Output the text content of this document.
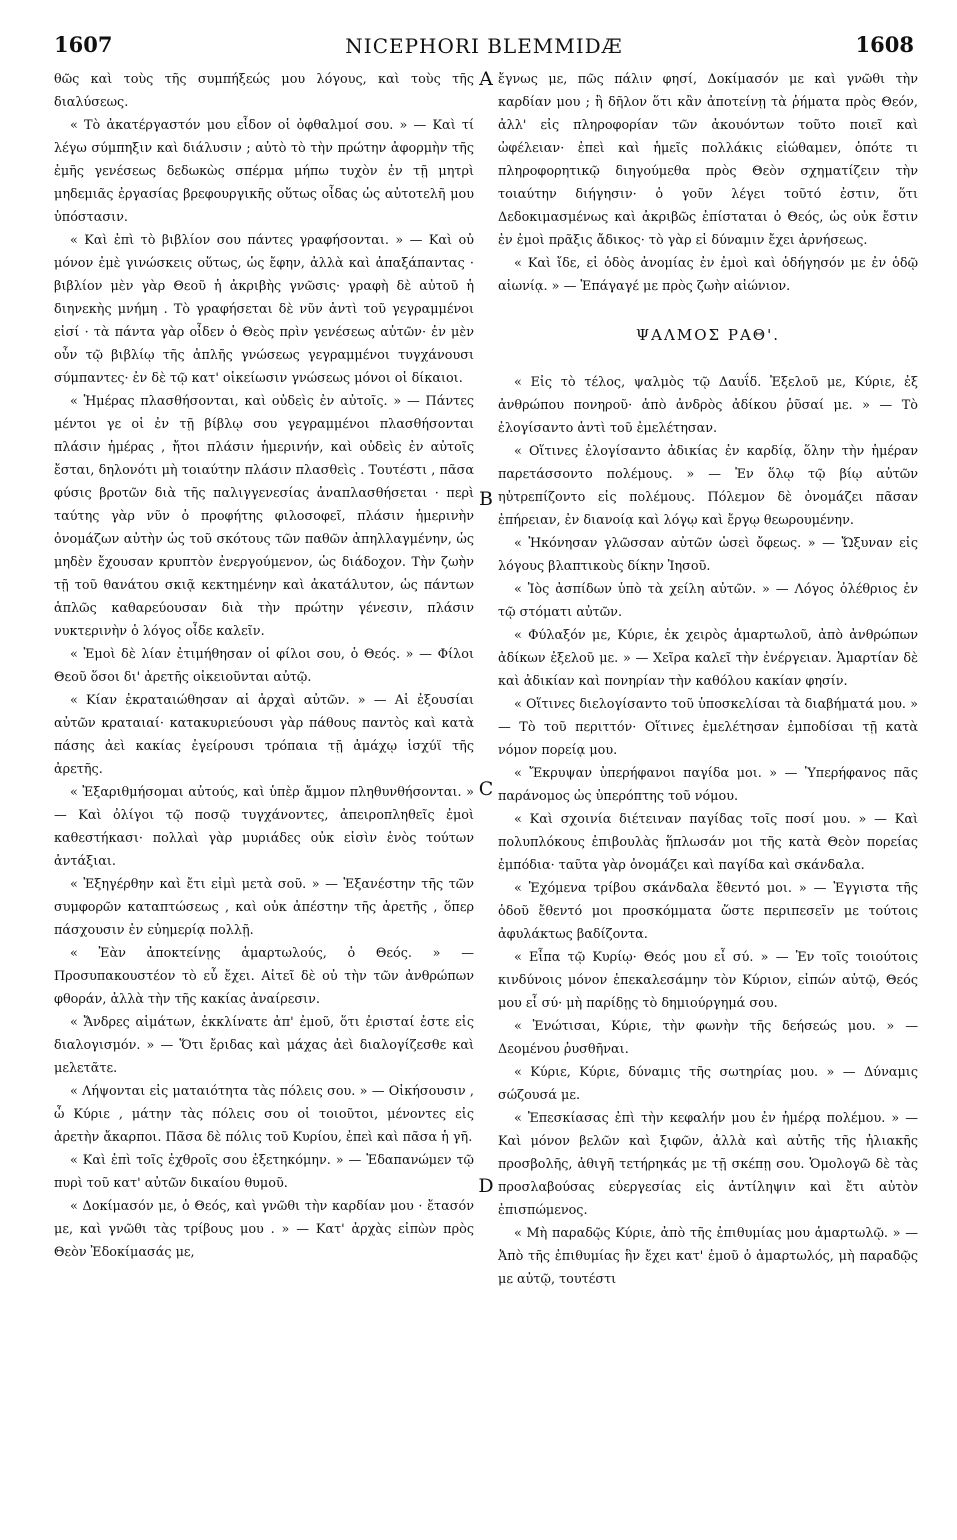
1607	NICEPHORI BLEMMIDÆ	1608

θῶς καὶ τοὺς τῆς συμπήξεώς μου λόγους, καὶ τοὺς τῆς διαλύσεως.

« Τὸ ἀκατέργαστόν μου εἶδον οἱ ὀφθαλμοί σου. » — Καὶ τί λέγω σύμπηξιν καὶ διάλυσιν ; αὐτὸ τὸ τὴν πρώτην ἀφορμὴν τῆς ἐμῆς γενέσεως δεδωκὼς σπέρμα μήπω τυχὸν ἐν τῇ μητρὶ μηδεμιᾶς ἐργασίας βρεφουργικῆς οὕτως οἶδας ὡς αὐτοτελῆ μου ὑπόστασιν.

« Καὶ ἐπὶ τὸ βιβλίον σου πάντες γραφήσονται. » — Καὶ οὐ μόνον ἐμὲ γινώσκεις οὕτως, ὡς ἔφην, ἀλλὰ καὶ ἀπαξάπαντας · βιβλίον μὲν γὰρ Θεοῦ ἡ ἀκριβὴς γνῶσις· γραφὴ δὲ αὐτοῦ ἡ διηνεκὴς μνήμη . Τὸ γραφήσεται δὲ νῦν ἀντὶ τοῦ γεγραμμένοι εἰσί · τὰ πάντα γὰρ οἶδεν ὁ Θεὸς πρὶν γενέσεως αὐτῶν· ἐν μὲν οὖν τῷ βιβλίῳ τῆς ἁπλῆς γνώσεως γεγραμμένοι τυγχάνουσι σύμπαντες· ἐν δὲ τῷ κατ' οἰκείωσιν γνώσεως μόνοι οἱ δίκαιοι.

« Ἡμέρας πλασθήσονται, καὶ οὐδεὶς ἐν αὐτοῖς. » — Πάντες μέντοι γε οἱ ἐν τῇ βίβλῳ σου γεγραμμένοι πλασθήσονται πλάσιν ἡμέρας , ἤτοι πλάσιν ἡμερινήν, καὶ οὐδεὶς ἐν αὐτοῖς ἔσται, δηλονότι μὴ τοιαύτην πλάσιν πλασθεὶς . Τουτέστι , πᾶσα φύσις βροτῶν διὰ τῆς παλιγγενεσίας ἀναπλασθήσεται · περὶ ταύτης γὰρ νῦν ὁ προφήτης φιλοσοφεῖ, πλάσιν ἡμερινὴν ὀνομάζων αὐτὴν ὡς τοῦ σκότους τῶν παθῶν ἀπηλλαγμένην, ὡς μηδὲν ἔχουσαν κρυπτὸν ἐνεργούμενον, ὡς διάδοχον. Τὴν ζωὴν τῇ τοῦ θανάτου σκιᾷ κεκτημένην καὶ ἀκατάλυτον, ὡς πάντων ἁπλῶς καθαρεύουσαν διὰ τὴν πρώτην γένεσιν, πλάσιν νυκτερινὴν ὁ λόγος οἶδε καλεῖν.

« Ἐμοὶ δὲ λίαν ἐτιμήθησαν οἱ φίλοι σου, ὁ Θεός. » — Φίλοι Θεοῦ ὅσοι δι' ἀρετῆς οἰκειοῦνται αὐτῷ.

« Κίαν ἐκραταιώθησαν αἱ ἀρχαὶ αὐτῶν. » — Αἱ ἐξουσίαι αὐτῶν κραταιαί· κατακυριεύουσι γὰρ πάθους παντὸς καὶ κατὰ πάσης ἀεὶ κακίας ἐγείρουσι τρόπαια τῇ ἀμάχῳ ἰσχύϊ τῆς ἀρετῆς.

« Ἐξαριθμήσομαι αὐτούς, καὶ ὑπὲρ ἄμμον πληθυνθήσονται. » — Καὶ ὀλίγοι τῷ ποσῷ τυγχάνοντες, ἀπειροπληθεῖς ἐμοὶ καθεστήκασι· πολλαὶ γὰρ μυριάδες οὐκ εἰσὶν ἑνὸς τούτων ἀντάξιαι.

« Ἐξηγέρθην καὶ ἔτι εἰμὶ μετὰ σοῦ. » — Ἐξανέστην τῆς τῶν συμφορῶν καταπτώσεως , καὶ οὐκ ἀπέστην τῆς ἀρετῆς , ὅπερ πάσχουσιν ἐν εὐημερίᾳ πολλῇ.

« Ἐὰν ἀποκτείνῃς ἁμαρτωλούς, ὁ Θεός. » — Προσυπακουστέον τὸ εὖ ἔχει. Αἰτεῖ δὲ οὐ τὴν τῶν ἀνθρώπων φθοράν, ἀλλὰ τὴν τῆς κακίας ἀναίρεσιν.

« Ἄνδρες αἱμάτων, ἐκκλίνατε ἀπ' ἐμοῦ, ὅτι ἐρισταί ἐστε εἰς διαλογισμόν. » — Ὅτι ἔριδας καὶ μάχας ἀεὶ διαλογίζεσθε καὶ μελετᾶτε.

« Λήψονται εἰς ματαιότητα τὰς πόλεις σου. » — Οἰκήσουσιν , ὦ Κύριε , μάτην τὰς πόλεις σου οἱ τοιοῦτοι, μένοντες εἰς ἀρετὴν ἄκαρποι. Πᾶσα δὲ πόλις τοῦ Κυρίου, ἐπεὶ καὶ πᾶσα ἡ γῆ.

« Καὶ ἐπὶ τοῖς ἐχθροῖς σου ἐξετηκόμην. » — Ἐδαπανώμεν τῷ πυρὶ τοῦ κατ' αὐτῶν δικαίου θυμοῦ.

« Δοκίμασόν με, ὁ Θεός, καὶ γνῶθι τὴν καρδίαν μου · ἔτασόν με, καὶ γνῶθι τὰς τρίβους μου . » — Κατ' ἀρχὰς εἰπὼν πρὸς Θεὸν Ἐδοκίμασάς με,

ἔγνως με, πῶς πάλιν φησί, Δοκίμασόν με καὶ γνῶθι τὴν καρδίαν μου ; ἢ δῆλον ὅτι κἂν ἀποτείνῃ τὰ ῥήματα πρὸς Θεόν, ἀλλ' εἰς πληροφορίαν τῶν ἀκουόντων τοῦτο ποιεῖ καὶ ὠφέλειαν· ἐπεὶ καὶ ἡμεῖς πολλάκις εἰώθαμεν, ὁπότε τι πληροφορητικῷ διηγούμεθα πρὸς Θεὸν σχηματίζειν τὴν τοιαύτην διήγησιν· ὁ γοῦν λέγει τοῦτό ἐστιν, ὅτι Δεδοκιμασμένως καὶ ἀκριβῶς ἐπίσταται ὁ Θεός, ὡς οὐκ ἔστιν ἐν ἐμοὶ πρᾶξις ἄδικος· τὸ γὰρ εἰ δύναμιν ἔχει ἀρνήσεως.

« Καὶ ἴδε, εἰ ὁδὸς ἀνομίας ἐν ἐμοὶ καὶ ὁδήγησόν με ἐν ὁδῷ αἰωνίᾳ. » — Ἐπάγαγέ με πρὸς ζωὴν αἰώνιον.

ΨΑΛΜΟΣ ΡΑΘ'.

« Εἰς τὸ τέλος, ψαλμὸς τῷ Δαυΐδ. Ἐξελοῦ με, Κύριε, ἐξ ἀνθρώπου πονηροῦ· ἀπὸ ἀνδρὸς ἀδίκου ῥῦσαί με. » — Τὸ ἐλογίσαντο ἀντὶ τοῦ ἐμελέτησαν.

« Οἵτινες ἐλογίσαντο ἀδικίας ἐν καρδίᾳ, ὅλην τὴν ἡμέραν παρετάσσοντο πολέμους. » — Ἐν ὅλῳ τῷ βίῳ αὐτῶν ηὐτρεπίζοντο εἰς πολέμους. Πόλεμον δὲ ὀνομάζει πᾶσαν ἐπήρειαν, ἐν διανοίᾳ καὶ λόγῳ καὶ ἔργῳ θεωρουμένην.

« Ἠκόνησαν γλῶσσαν αὐτῶν ὡσεὶ ὄφεως. » — Ὤξυναν εἰς λόγους βλαπτικοὺς δίκην Ἰησοῦ.

« Ἰὸς ἀσπίδων ὑπὸ τὰ χείλη αὐτῶν. » — Λόγος ὀλέθριος ἐν τῷ στόματι αὐτῶν.

« Φύλαξόν με, Κύριε, ἐκ χειρὸς ἁμαρτωλοῦ, ἀπὸ ἀνθρώπων ἀδίκων ἐξελοῦ με. » — Χεῖρα καλεῖ τὴν ἐνέργειαν. Ἁμαρτίαν δὲ καὶ ἀδικίαν καὶ πονηρίαν τὴν καθόλου κακίαν φησίν.

« Οἵτινες διελογίσαντο τοῦ ὑποσκελίσαι τὰ διαβήματά μου. » — Τὸ τοῦ περιττόν· Οἵτινες ἐμελέτησαν ἐμποδίσαι τῇ κατὰ νόμον πορείᾳ μου.

« Ἔκρυψαν ὑπερήφανοι παγίδα μοι. » — Ὑπερήφανος πᾶς παράνομος ὡς ὑπερόπτης τοῦ νόμου.

« Καὶ σχοινία διέτειναν παγίδας τοῖς ποσί μου. » — Καὶ πολυπλόκους ἐπιβουλὰς ἥπλωσάν μοι τῆς κατὰ Θεὸν πορείας ἐμπόδια· ταῦτα γὰρ ὀνομάζει καὶ παγίδα καὶ σκάνδαλα.

« Ἐχόμενα τρίβου σκάνδαλα ἔθεντό μοι. » — Ἐγγιστα τῆς ὁδοῦ ἔθεντό μοι προσκόμματα ὥστε περιπεσεῖν με τούτοις ἀφυλάκτως βαδίζοντα.

« Εἶπα τῷ Κυρίῳ· Θεός μου εἶ σύ. » — Ἐν τοῖς τοιούτοις κινδύνοις μόνον ἐπεκαλεσάμην τὸν Κύριον, εἰπών αὐτῷ, Θεός μου εἶ σύ· μὴ παρίδῃς τὸ δημιούργημά σου.

« Ἐνώτισαι, Κύριε, τὴν φωνὴν τῆς δεήσεώς μου. » — Δεομένου ῥυσθῆναι.

« Κύριε, Κύριε, δύναμις τῆς σωτηρίας μου. » — Δύναμις σώζουσά με.

« Ἐπεσκίασας ἐπὶ τὴν κεφαλήν μου ἐν ἡμέρᾳ πολέμου. » — Καὶ μόνον βελῶν καὶ ξιφῶν, ἀλλὰ καὶ αὐτῆς τῆς ἡλιακῆς προσβολῆς, ἀθιγῆ τετήρηκάς με τῇ σκέπῃ σου. Ὁμολογῶ δὲ τὰς προσλαβούσας εὐεργεσίας εἰς ἀντίληψιν καὶ ἔτι αὐτὸν ἐπισπώμενος.

« Μὴ παραδῷς Κύριε, ἀπὸ τῆς ἐπιθυμίας μου ἁμαρτωλῷ. » — Ἀπὸ τῆς ἐπιθυμίας ἣν ἔχει κατ' ἐμοῦ ὁ ἁμαρτωλός, μὴ παραδῷς με αὐτῷ, τουτέστι

A
B
C
D
